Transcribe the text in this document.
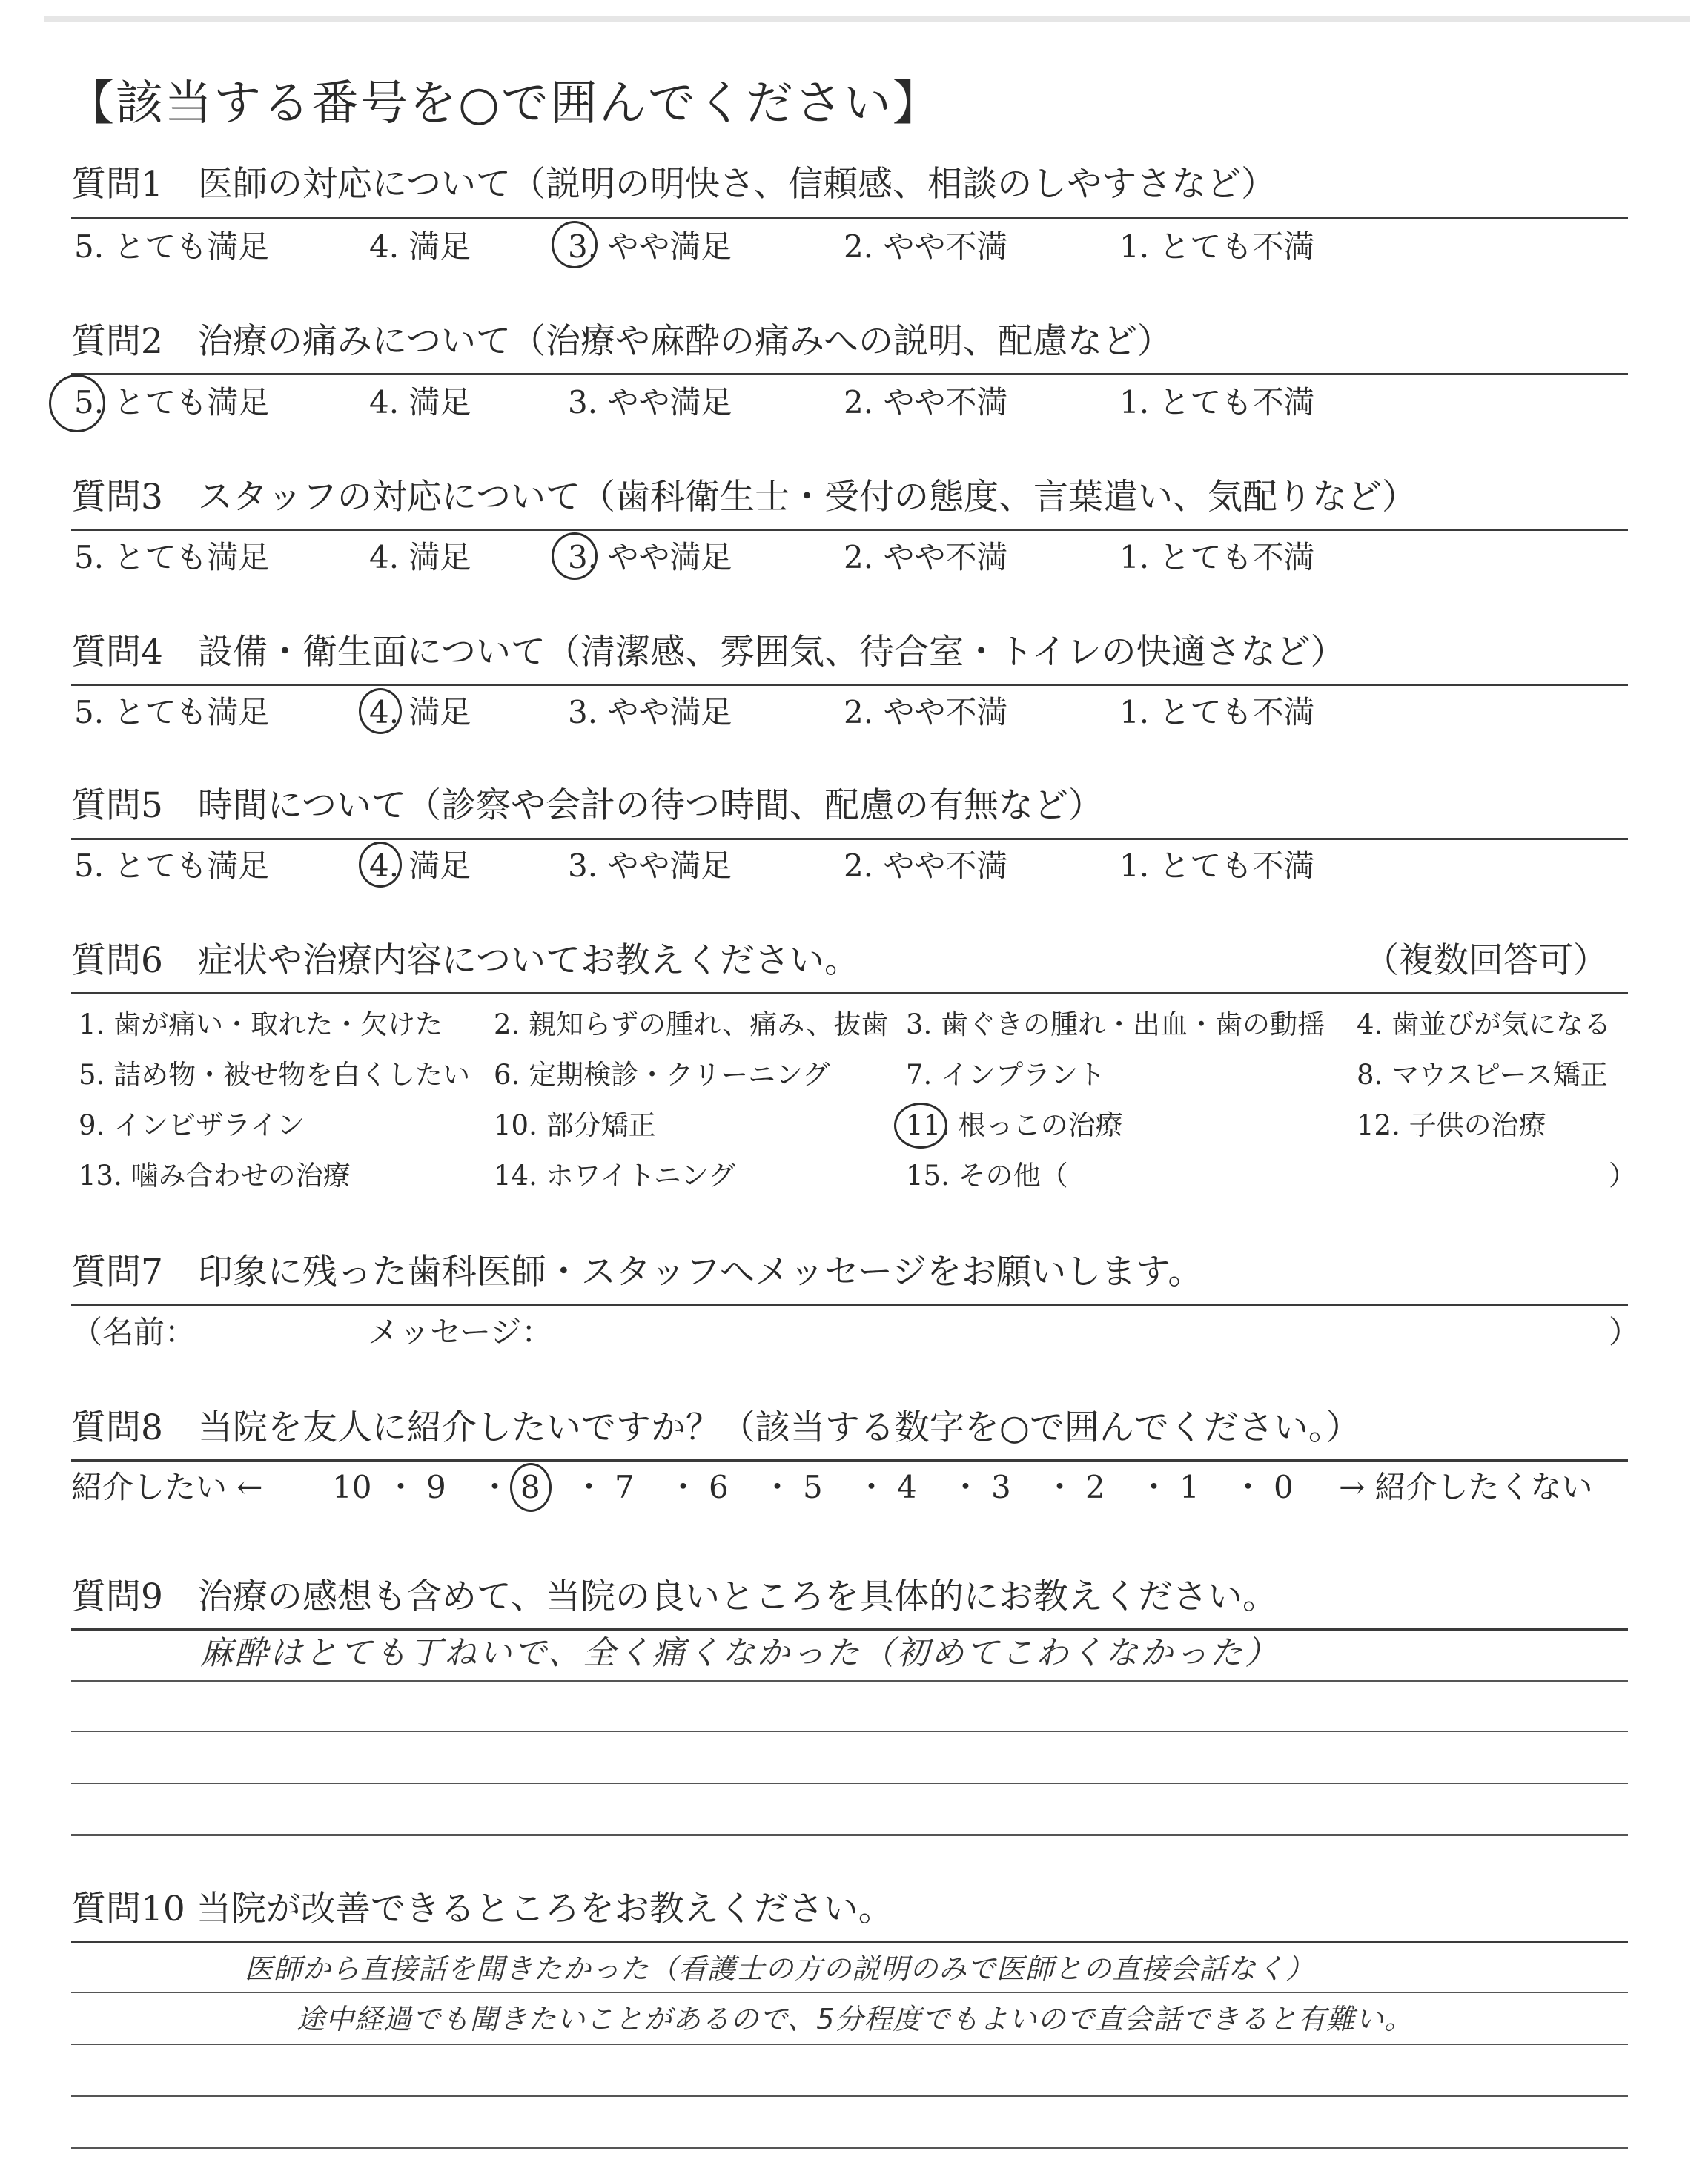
【該当する番号を○で囲んでください】
質問1　医師の対応について（説明の明快さ、信頼感、相談のしやすさなど）
5. とても満足	4. 満足	3. やや満足	2. やや不満	1. とても不満
質問2　治療の痛みについて（治療や麻酔の痛みへの説明、配慮など）
5. とても満足	4. 満足	3. やや満足	2. やや不満	1. とても不満
質問3　スタッフの対応について（歯科衛生士・受付の態度、言葉遣い、気配りなど）
5. とても満足	4. 満足	3. やや満足	2. やや不満	1. とても不満
質問4　設備・衛生面について（清潔感、雰囲気、待合室・トイレの快適さなど）
5. とても満足	4. 満足	3. やや満足	2. やや不満	1. とても不満
質問5　時間について（診察や会計の待つ時間、配慮の有無など）
5. とても満足	4. 満足	3. やや満足	2. やや不満	1. とても不満
質問6　症状や治療内容についてお教えください。	（複数回答可）
1. 歯が痛い・取れた・欠けた 2. 親知らずの腫れ、痛み、抜歯 3. 歯ぐきの腫れ・出血・歯の動揺 4. 歯並びが気になる
5. 詰め物・被せ物を白くしたい 6. 定期検診・クリーニング	7. インプラント	8. マウスピース矯正
9. インビザライン	10. 部分矯正	11. 根っこの治療	12. 子供の治療
13. 噛み合わせの治療	14. ホワイトニング	15. その他（	）
質問7　印象に残った歯科医師・スタッフへメッセージをお願いします。
（名前：	メッセージ：	）
質問8　当院を友人に紹介したいですか？（該当する数字を○で囲んでください。）
紹介したい ←	→ 紹介したくない
10 ・ 9 ・ 8 ・ 7 ・ 6 ・ 5 ・ 4 ・ 3 ・ 2 ・ 1 ・ 0
質問9　治療の感想も含めて、当院の良いところを具体的にお教えください。
麻酔はとても丁ねいで、全く痛くなかった（初めてこわくなかった）
質問10 当院が改善できるところをお教えください。
医師から直接話を聞きたかった（看護士の方の説明のみで医師との直接会話なく）
途中経過でも聞きたいことがあるので、5分程度でもよいので直会話できると有難い。
